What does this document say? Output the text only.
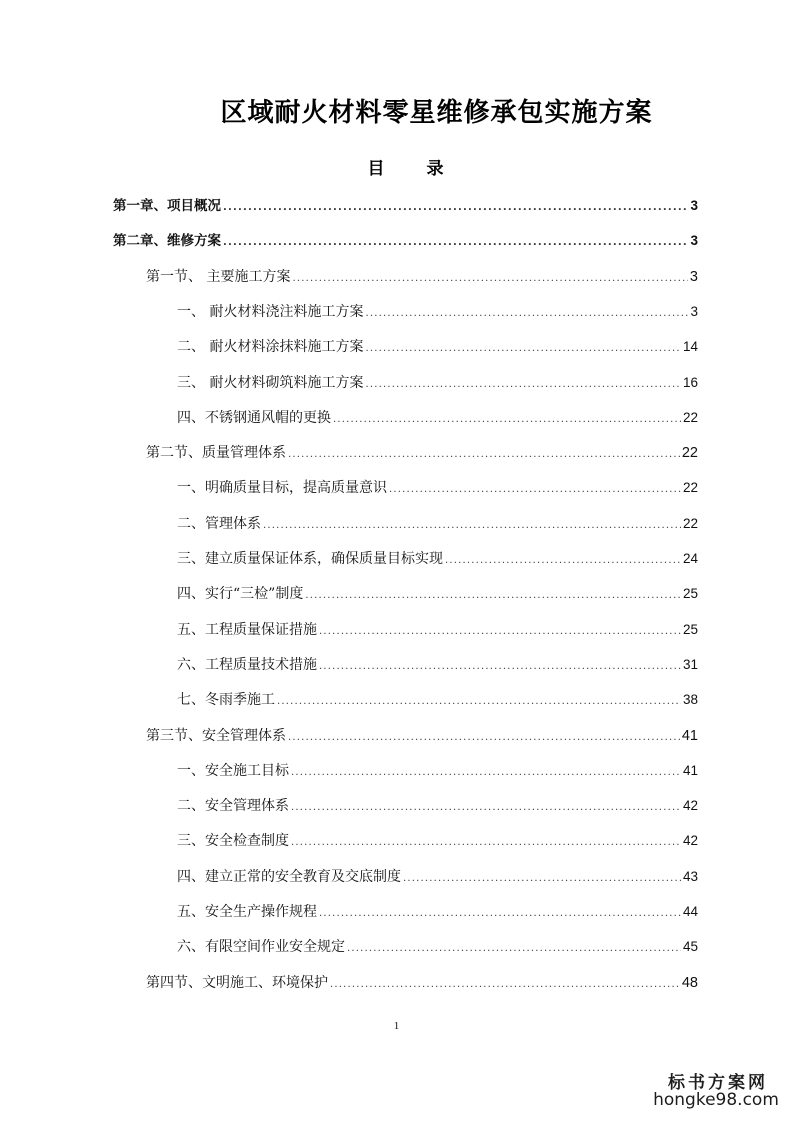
区域耐火材料零星维修承包实施方案
目 录
第一章、项目概况 .....	3
第二章、维修方案 .....	3
第一节、 主要施工方案 .....	3
一、 耐火材料浇注料施工方案 .....	3
二、 耐火材料涂抹料施工方案 .....	14
三、 耐火材料砌筑料施工方案 .....	16
四、不锈钢通风帽的更换 .....	22
第二节、质量管理体系 .....	22
一、明确质量目标，提高质量意识 .....	22
二、管理体系 .....	22
三、建立质量保证体系，确保质量目标实现 .....	24
四、实行“三检”制度 .....	25
五、工程质量保证措施 .....	25
六、工程质量技术措施 .....	31
七、冬雨季施工 .....	38
第三节、安全管理体系 .....	41
一、安全施工目标 .....	41
二、安全管理体系 .....	42
三、安全检查制度 .....	42
四、建立正常的安全教育及交底制度 .....	43
五、安全生产操作规程 .....	44
六、有限空间作业安全规定 .....	45
第四节、文明施工、环境保护 .....	48
1
标书方案网
hongke98.com
